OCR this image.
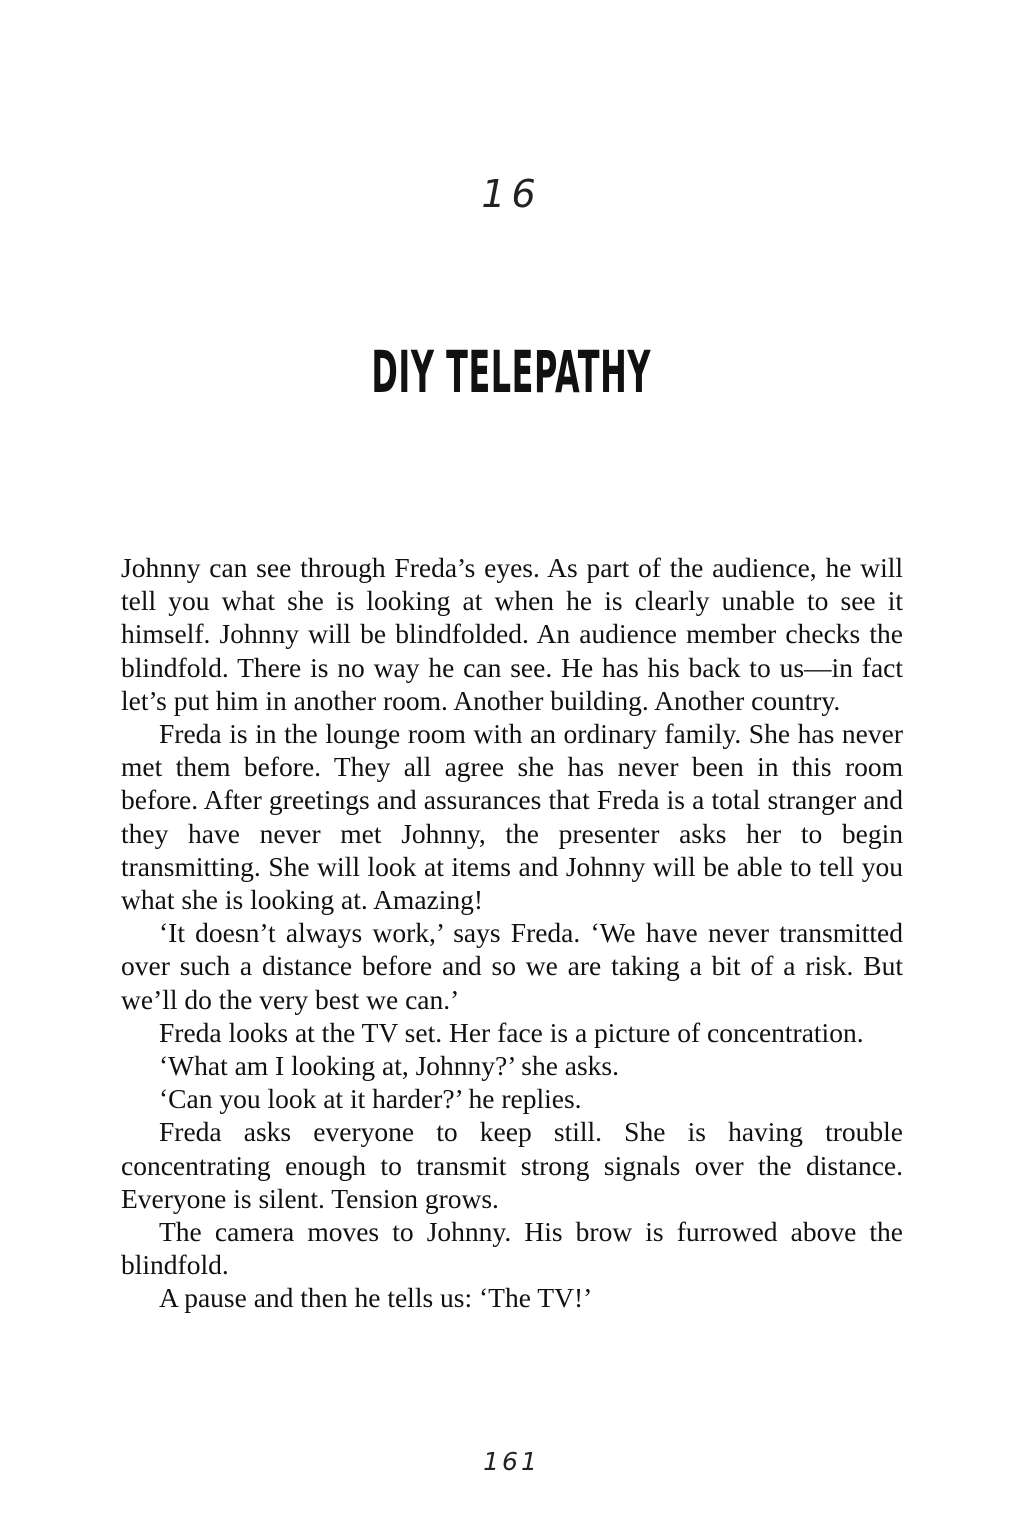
16
DIY TELEPATHY

Johnny can see through Freda’s eyes. As part of the audience, he will tell you what she is looking at when he is clearly unable to see it himself. Johnny will be blindfolded. An audience member checks the blindfold. There is no way he can see. He has his back to us—in fact let’s put him in another room. Another building. Another country.

Freda is in the lounge room with an ordinary family. She has never met them before. They all agree she has never been in this room before. After greetings and assurances that Freda is a total stranger and they have never met Johnny, the presenter asks her to begin transmitting. She will look at items and Johnny will be able to tell you what she is looking at. Amazing!

‘It doesn’t always work,’ says Freda. ‘We have never transmitted over such a distance before and so we are taking a bit of a risk. But we’ll do the very best we can.’

Freda looks at the TV set. Her face is a picture of concentration.

‘What am I looking at, Johnny?’ she asks.

‘Can you look at it harder?’ he replies.

Freda asks everyone to keep still. She is having trouble concentrating enough to transmit strong signals over the distance. Everyone is silent. Tension grows.

The camera moves to Johnny. His brow is furrowed above the blindfold.

A pause and then he tells us: ‘The TV!’

161
